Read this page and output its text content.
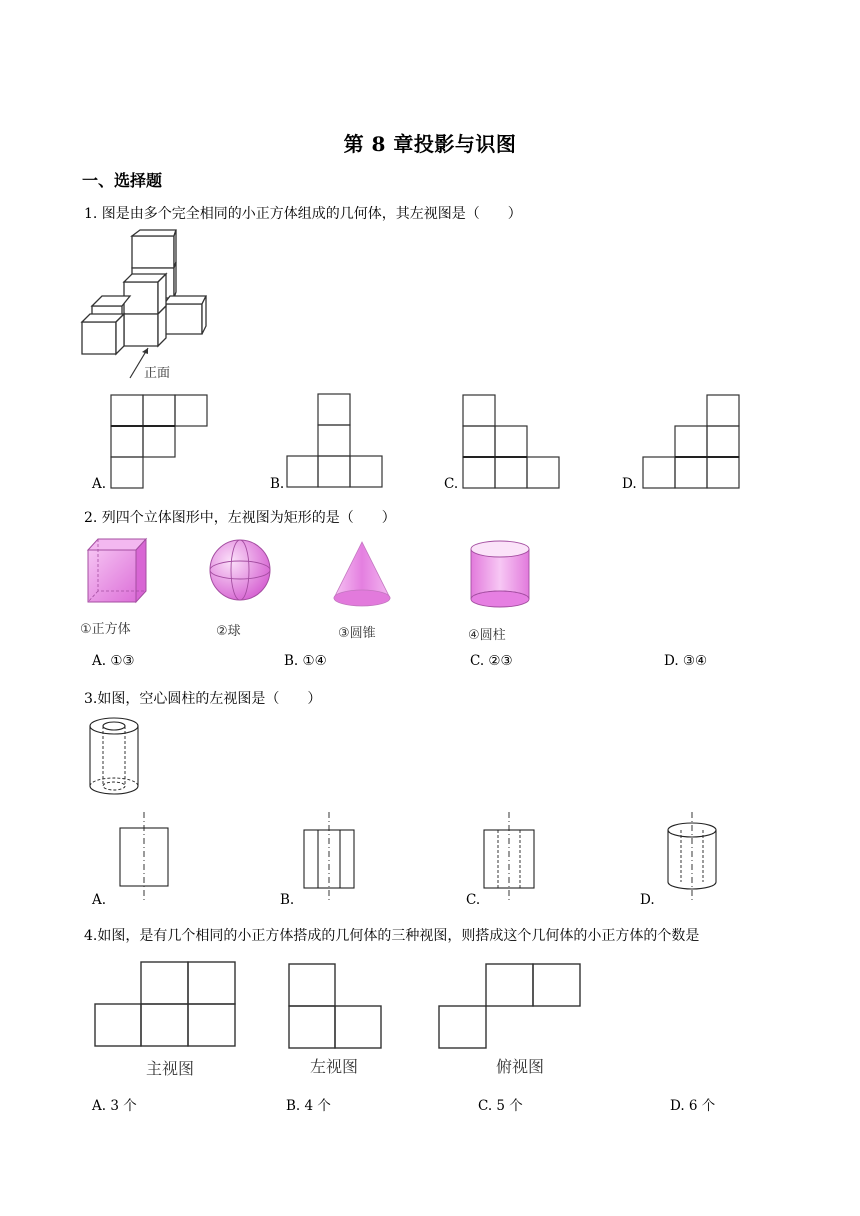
第 8 章投影与识图
一、选择题
1. 图是由多个完全相同的小正方体组成的几何体，其左视图是（　　）
正面
A.	B.	C.	D.
2. 列四个立体图形中，左视图为矩形的是（　　）
①正方体	②球	③圆锥	④圆柱
A. ①③	B. ①④	C. ②③	D. ③④
3.如图，空心圆柱的左视图是（　　）
A.	B.	C.	D.
4.如图，是有几个相同的小正方体搭成的几何体的三种视图，则搭成这个几何体的小正方体的个数是
主视图	左视图	俯视图
A. 3 个	B. 4 个	C. 5 个	D. 6 个
